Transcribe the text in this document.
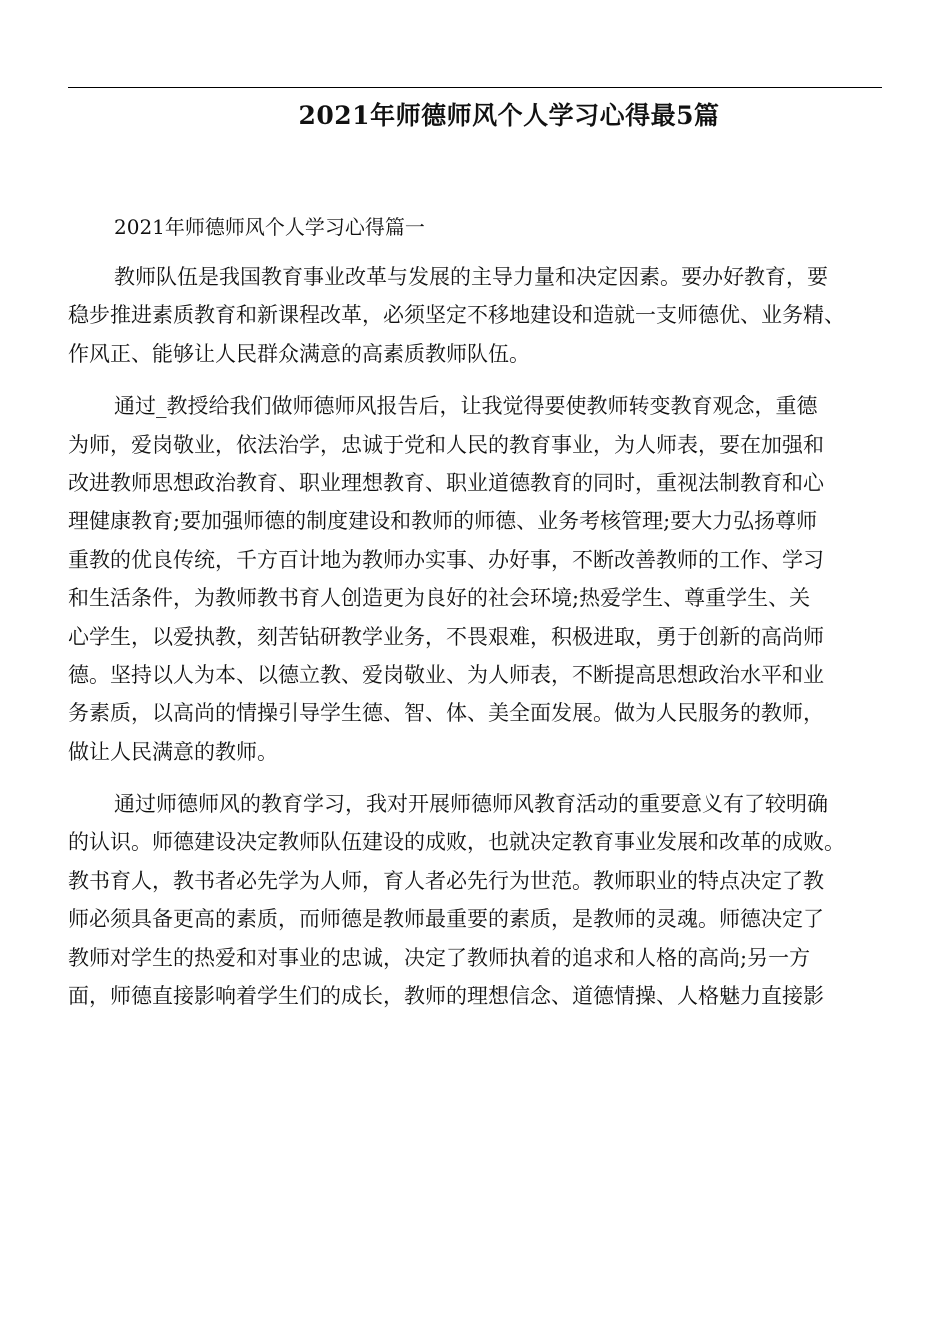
2021年师德师风个人学习心得最5篇
2021年师德师风个人学习心得篇一
教师队伍是我国教育事业改革与发展的主导力量和决定因素。要办好教育，要
稳步推进素质教育和新课程改革，必须坚定不移地建设和造就一支师德优、业务精、
作风正、能够让人民群众满意的高素质教师队伍。
通过_教授给我们做师德师风报告后，让我觉得要使教师转变教育观念，重德
为师，爱岗敬业，依法治学，忠诚于党和人民的教育事业，为人师表，要在加强和
改进教师思想政治教育、职业理想教育、职业道德教育的同时，重视法制教育和心
理健康教育;要加强师德的制度建设和教师的师德、业务考核管理;要大力弘扬尊师
重教的优良传统，千方百计地为教师办实事、办好事，不断改善教师的工作、学习
和生活条件，为教师教书育人创造更为良好的社会环境;热爱学生、尊重学生、关
心学生，以爱执教，刻苦钻研教学业务，不畏艰难，积极进取，勇于创新的高尚师
德。坚持以人为本、以德立教、爱岗敬业、为人师表，不断提高思想政治水平和业
务素质，以高尚的情操引导学生德、智、体、美全面发展。做为人民服务的教师，
做让人民满意的教师。
通过师德师风的教育学习，我对开展师德师风教育活动的重要意义有了较明确
的认识。师德建设决定教师队伍建设的成败，也就决定教育事业发展和改革的成败。
教书育人，教书者必先学为人师，育人者必先行为世范。教师职业的特点决定了教
师必须具备更高的素质，而师德是教师最重要的素质，是教师的灵魂。师德决定了
教师对学生的热爱和对事业的忠诚，决定了教师执着的追求和人格的高尚;另一方
面，师德直接影响着学生们的成长，教师的理想信念、道德情操、人格魅力直接影
